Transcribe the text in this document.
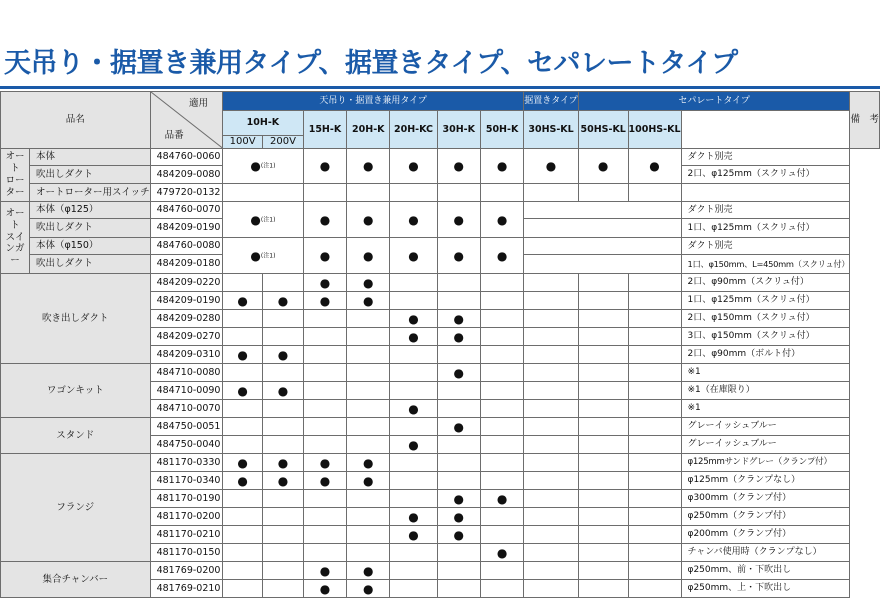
天吊り・据置き兼用タイプ、据置きタイプ、セパレートタイプ
品名		適用
品番	天吊り・据置き兼用タイプ							据置きタイプ	セパレートタイプ			備　考
			10H-K		15H-K	20H-K	20H-KC	30H-K	50H-K	30HS-KL	50HS-KL	100HS-KL		
			100V	200V										
オート
ローター	本体	484760-0060	●(注1)		●	●	●	●	●	●	●	●	ダクト別売	
	吹出しダクト	484209-0080											2口、φ125mm（スクリュ付）	
	オートローター用スイッチ	479720-0132												
オート
スインガー	本体（φ125）	484760-0070	●(注1)		●	●	●	●	●				ダクト別売	
	吹出しダクト	484209-0190											1口、φ125mm（スクリュ付）	
	本体（φ150）	484760-0080	●(注1)		●	●	●	●	●				ダクト別売	
	吹出しダクト	484209-0180											1口、φ150mm、L=450mm（スクリュ付）	
吹き出しダクト		484209-0220			●	●							2口、φ90mm（スクリュ付）	
		484209-0190	●	●	●	●							1口、φ125mm（スクリュ付）	
		484209-0280					●	●					2口、φ150mm（スクリュ付）	
		484209-0270					●	●					3口、φ150mm（スクリュ付）	
		484209-0310	●	●									2口、φ90mm（ボルト付）	
ワゴンキット		484710-0080						●					※1	
		484710-0090	●	●									※1（在庫限り）	
		484710-0070					●						※1	
スタンド		484750-0051						●					グレーイッシュブルー	
		484750-0040					●						グレーイッシュブルー	
フランジ		481170-0330	●	●	●	●							φ125mmサンドグレー（クランプ付）	
		481170-0340	●	●	●	●							φ125mm（クランプなし）	
		481170-0190						●	●				φ300mm（クランプ付）	
		481170-0200					●	●					φ250mm（クランプ付）	
		481170-0210					●	●					φ200mm（クランプ付）	
		481170-0150							●				チャンバ使用時（クランプなし）	
集合チャンバー		481769-0200			●	●							φ250mm、前・下吹出し	
		481769-0210			●	●							φ250mm、上・下吹出し	
